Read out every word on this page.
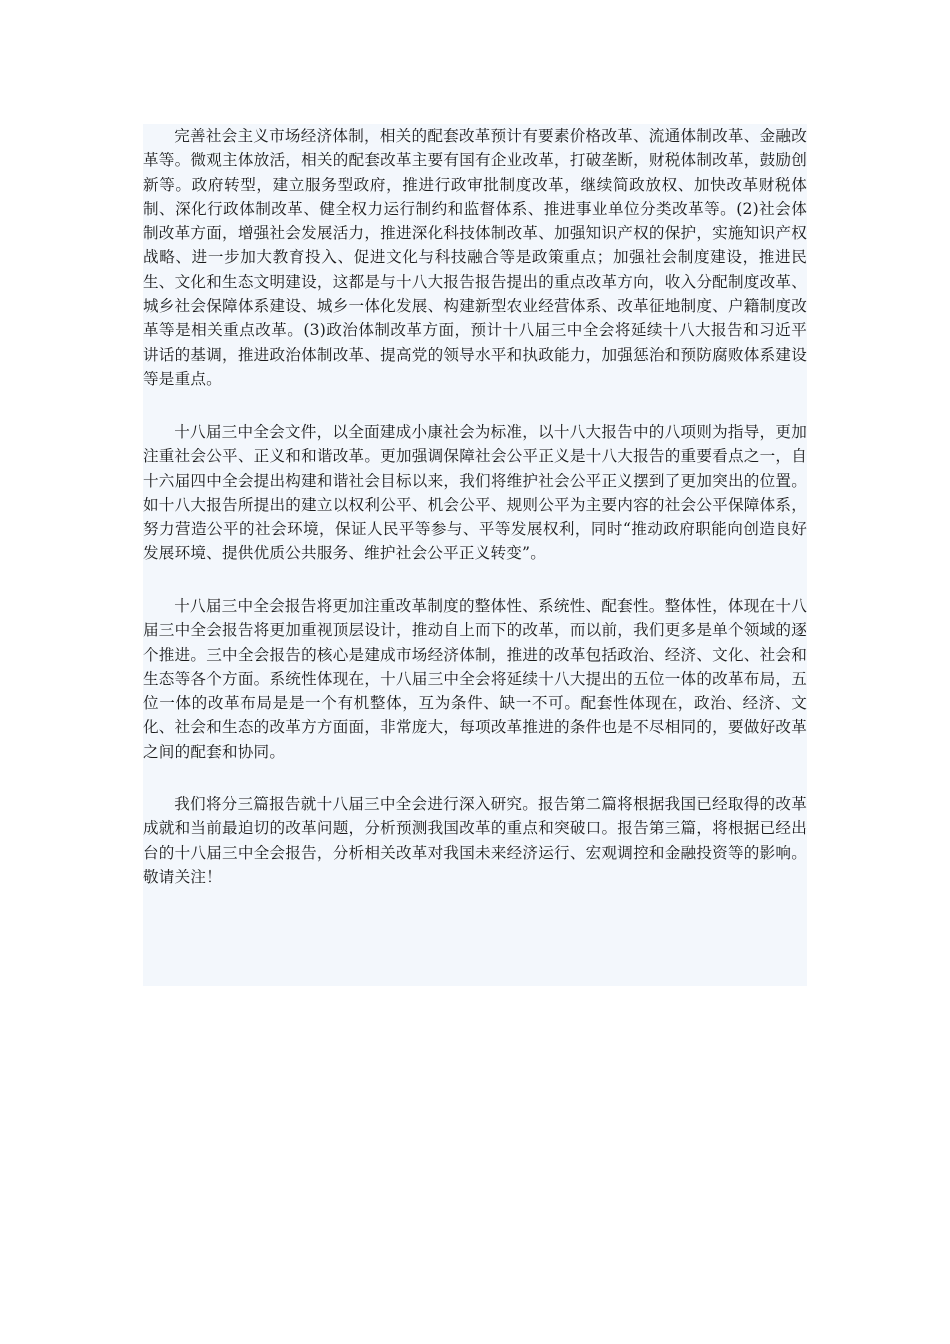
完善社会主义市场经济体制，相关的配套改革预计有要素价格改革、流通体制改革、金融改革等。微观主体放活，相关的配套改革主要有国有企业改革，打破垄断，财税体制改革，鼓励创新等。政府转型，建立服务型政府，推进行政审批制度改革，继续简政放权、加快改革财税体制、深化行政体制改革、健全权力运行制约和监督体系、推进事业单位分类改革等。(2)社会体制改革方面，增强社会发展活力，推进深化科技体制改革、加强知识产权的保护，实施知识产权战略、进一步加大教育投入、促进文化与科技融合等是政策重点；加强社会制度建设，推进民生、文化和生态文明建设，这都是与十八大报告报告提出的重点改革方向，收入分配制度改革、城乡社会保障体系建设、城乡一体化发展、构建新型农业经营体系、改革征地制度、户籍制度改革等是相关重点改革。(3)政治体制改革方面，预计十八届三中全会将延续十八大报告和习近平讲话的基调，推进政治体制改革、提高党的领导水平和执政能力，加强惩治和预防腐败体系建设等是重点。

十八届三中全会文件，以全面建成小康社会为标准，以十八大报告中的八项则为指导，更加注重社会公平、正义和和谐改革。更加强调保障社会公平正义是十八大报告的重要看点之一，自十六届四中全会提出构建和谐社会目标以来，我们将维护社会公平正义摆到了更加突出的位置。如十八大报告所提出的建立以权利公平、机会公平、规则公平为主要内容的社会公平保障体系，努力营造公平的社会环境，保证人民平等参与、平等发展权利，同时“推动政府职能向创造良好发展环境、提供优质公共服务、维护社会公平正义转变”。

十八届三中全会报告将更加注重改革制度的整体性、系统性、配套性。整体性，体现在十八届三中全会报告将更加重视顶层设计，推动自上而下的改革，而以前，我们更多是单个领域的逐个推进。三中全会报告的核心是建成市场经济体制，推进的改革包括政治、经济、文化、社会和生态等各个方面。系统性体现在，十八届三中全会将延续十八大提出的五位一体的改革布局，五位一体的改革布局是是一个有机整体，互为条件、缺一不可。配套性体现在，政治、经济、文化、社会和生态的改革方方面面，非常庞大，每项改革推进的条件也是不尽相同的，要做好改革之间的配套和协同。

我们将分三篇报告就十八届三中全会进行深入研究。报告第二篇将根据我国已经取得的改革成就和当前最迫切的改革问题，分析预测我国改革的重点和突破口。报告第三篇，将根据已经出台的十八届三中全会报告，分析相关改革对我国未来经济运行、宏观调控和金融投资等的影响。敬请关注！
